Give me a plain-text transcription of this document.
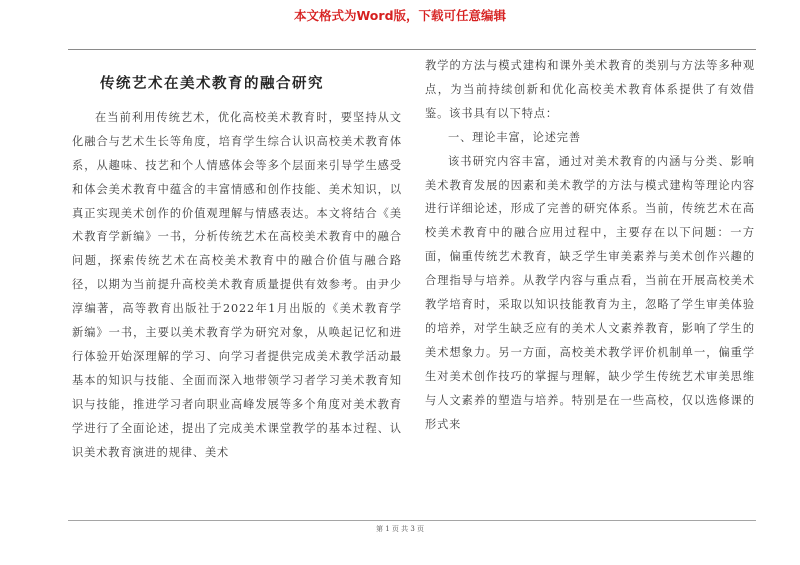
本文格式为Word版，下载可任意编辑
传统艺术在美术教育的融合研究

在当前利用传统艺术，优化高校美术教育时，要坚持从文化融合与艺术生长等角度，培育学生综合认识高校美术教育体系，从趣味、技艺和个人情感体会等多个层面来引导学生感受和体会美术教育中蕴含的丰富情感和创作技能、美术知识，以真正实现美术创作的价值观理解与情感表达。本文将结合《美术教育学新编》一书，分析传统艺术在高校美术教育中的融合问题，探索传统艺术在高校美术教育中的融合价值与融合路径，以期为当前提升高校美术教育质量提供有效参考。由尹少淳编著，高等教育出版社于2022年1月出版的《美术教育学新编》一书，主要以美术教育学为研究对象，从唤起记忆和进行体验开始深理解的学习、向学习者提供完成美术教学活动最基本的知识与技能、全面而深入地带领学习者学习美术教育知识与技能，推进学习者向职业高峰发展等多个角度对美术教育学进行了全面论述，提出了完成美术课堂教学的基本过程、认识美术教育演进的规律、美术

教学的方法与模式建构和课外美术教育的类别与方法等多种观点，为当前持续创新和优化高校美术教育体系提供了有效借鉴。该书具有以下特点：

一、理论丰富，论述完善

该书研究内容丰富，通过对美术教育的内涵与分类、影响美术教育发展的因素和美术教学的方法与模式建构等理论内容进行详细论述，形成了完善的研究体系。当前，传统艺术在高校美术教育中的融合应用过程中，主要存在以下问题：一方面，偏重传统艺术教育，缺乏学生审美素养与美术创作兴趣的合理指导与培养。从教学内容与重点看，当前在开展高校美术教学培育时，采取以知识技能教育为主，忽略了学生审美体验的培养，对学生缺乏应有的美术人文素养教育，影响了学生的美术想象力。另一方面，高校美术教学评价机制单一，偏重学生对美术创作技巧的掌握与理解，缺少学生传统艺术审美思维与人文素养的塑造与培养。特别是在一些高校，仅以选修课的形式来

第 1 页 共 3 页
